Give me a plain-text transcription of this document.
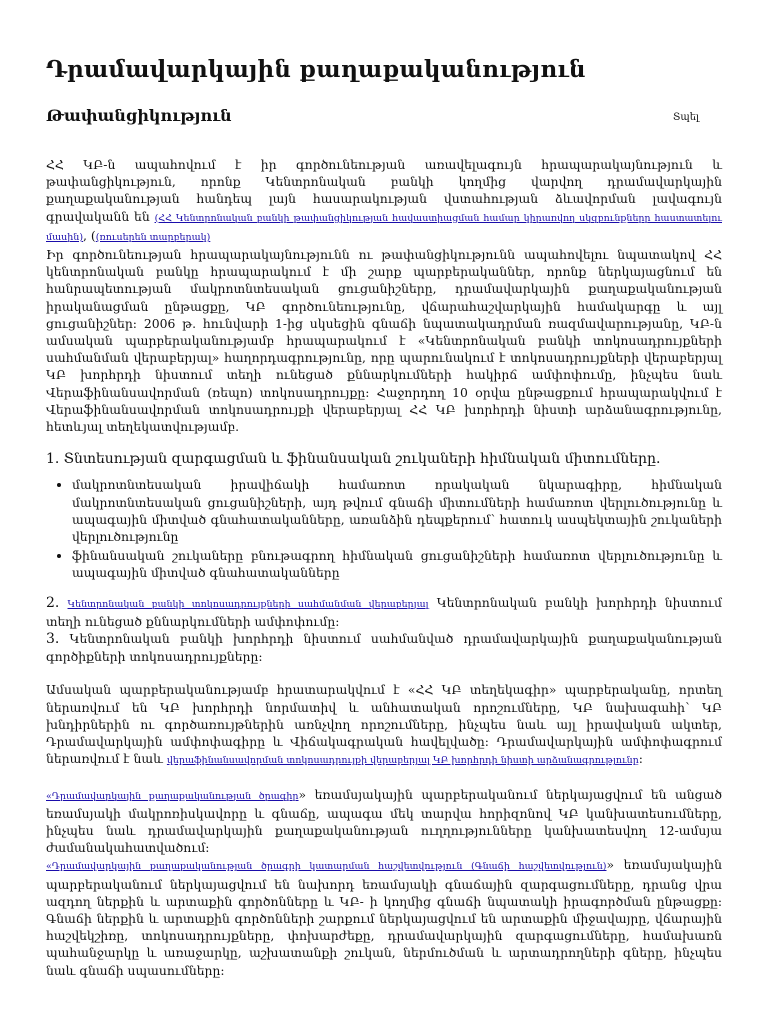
Դրամավարկային քաղաքականություն
Թափանցիկություն	Տպել

ՀՀ ԿԲ-ն ապահովում է իր գործունեության առավելագույն հրապարակայնություն և թափանցիկություն, որոնք Կենտրոնական բանկի կողմից վարվող դրամավարկային քաղաքականության հանդեպ լայն հասարակության վստահության ձևավորման լավագույն գրավականն են (ՀՀ Կենտրոնական բանկի թափանցիկության հավաստիացման համար կիրառվող սկզբունքները հաստատելու մասին), ((ռուսերեն տարբերակ)

Իր գործունեության հրապարակայնությունն ու թափանցիկությունն ապահովելու նպատակով ՀՀ կենտրոնական բանկը հրապարակում է մի շարք պարբերականներ, որոնք ներկայացնում են հանրապետության մակրոտնտեսական ցուցանիշները, դրամավարկային քաղաքականության իրականացման ընթացքը, ԿԲ գործունեությունը, վճարահաշվարկային համակարգը և այլ ցուցանիշներ: 2006 թ. հունվարի 1-ից սկսեցին գնաճի նպատակադրման ռազմավարությանը, ԿԲ-ն ամսական պարբերականությամբ հրապարակում է «Կենտրոնական բանկի տոկոսադրույքների սահմանման վերաբերյալ» հաղորդագրությունը, որը պարունակում է տոկոսադրույքների վերաբերյալ ԿԲ խորհրդի նիստում տեղի ունեցած քննարկումների հակիրճ ամփոփումը, ինչպես նաև Վերաֆինանսավորման (ռեպո) տոկոսադրույքը: Հաջորդող 10 օրվա ընթացքում հրապարակվում է Վերաֆինանսավորման տոկոսադրույքի վերաբերյալ ՀՀ ԿԲ խորհրդի նիստի արձանագրությունը, հետևյալ տեղեկատվությամբ.

1. Տնտեսության զարգացման և ֆինանսական շուկաների հիմնական միտումները.

• մակրոտնտեսական իրավիճակի համառոտ որակական նկարագիրը, հիմնական մակրոտնտեսական ցուցանիշների, այդ թվում գնաճի միտումների համառոտ վերլուծությունը և ապագային միտված գնահատականները, առանձին դեպքերում՝ հատուկ ասպեկտային շուկաների վերլուծությունը
• ֆինանսական շուկաները բնութագրող հիմնական ցուցանիշների համառոտ վերլուծությունը և ապագային միտված գնահատականները

2. Կենտրոնական բանկի տոկոսադրույքների սահմանման վերաբերյալ Կենտրոնական բանկի խորհրդի նիստում տեղի ունեցած քննարկումների ամփոփումը:

3. Կենտրոնական բանկի խորհրդի նիստում սահմանված դրամավարկային քաղաքականության գործիքների տոկոսադրույքները:

Ամսական պարբերականությամբ հրատարակվում է «ՀՀ ԿԲ տեղեկագիր» պարբերականը, որտեղ ներառվում են ԿԲ խորհրդի նորմատիվ և անհատական որոշումները, ԿԲ նախագահի՝ ԿԲ խնդիրներին ու գործառույթներին առնչվող որոշումները, ինչպես նաև այլ իրավական ակտեր, Դրամավարկային ամփոփագիրը և Վիճակագրական հավելվածը: Դրամավարկային ամփոփագրում ներառվում է նաև վերաֆինանսավորման տոկոսադրույքի վերաբերյալ ԿԲ խորհրդի նիստի արձանագրությունը:

«Դրամավարկային քաղաքականության ծրագիր» եռամսյակային պարբերականում ներկայացվում են անցած եռամսյակի մակրոռիսկավորը և գնաճը, ապագա մեկ տարվա հորիզոնով ԿԲ կանխատեսումները, ինչպես նաև դրամավարկային քաղաքականության ուղղությունները կանխատեսվող 12-ամսյա ժամանակահատվածում:

«Դրամավարկային քաղաքականության ծրագրի կատարման հաշվետվություն (Գնաճի հաշվետվություն)» եռամսյակային պարբերականում ներկայացվում են նախորդ եռամսյակի գնաճային զարգացումները, դրանց վրա ազդող ներքին և արտաքին գործոնները և ԿԲ- ի կողմից գնաճի նպատակի իրագործման ընթացքը: Գնաճի ներքին և արտաքին գործոնների շարքում ներկայացվում են արտաքին միջավայրը, վճարային հաշվեկշիռը, տոկոսադրույքները, փոխարժեքը, դրամավարկային զարգացումները, համախառն պահանջարկը և առաջարկը, աշխատանքի շուկան, ներմուծման և արտադրողների գները, ինչպես նաև գնաճի սպասումները:
